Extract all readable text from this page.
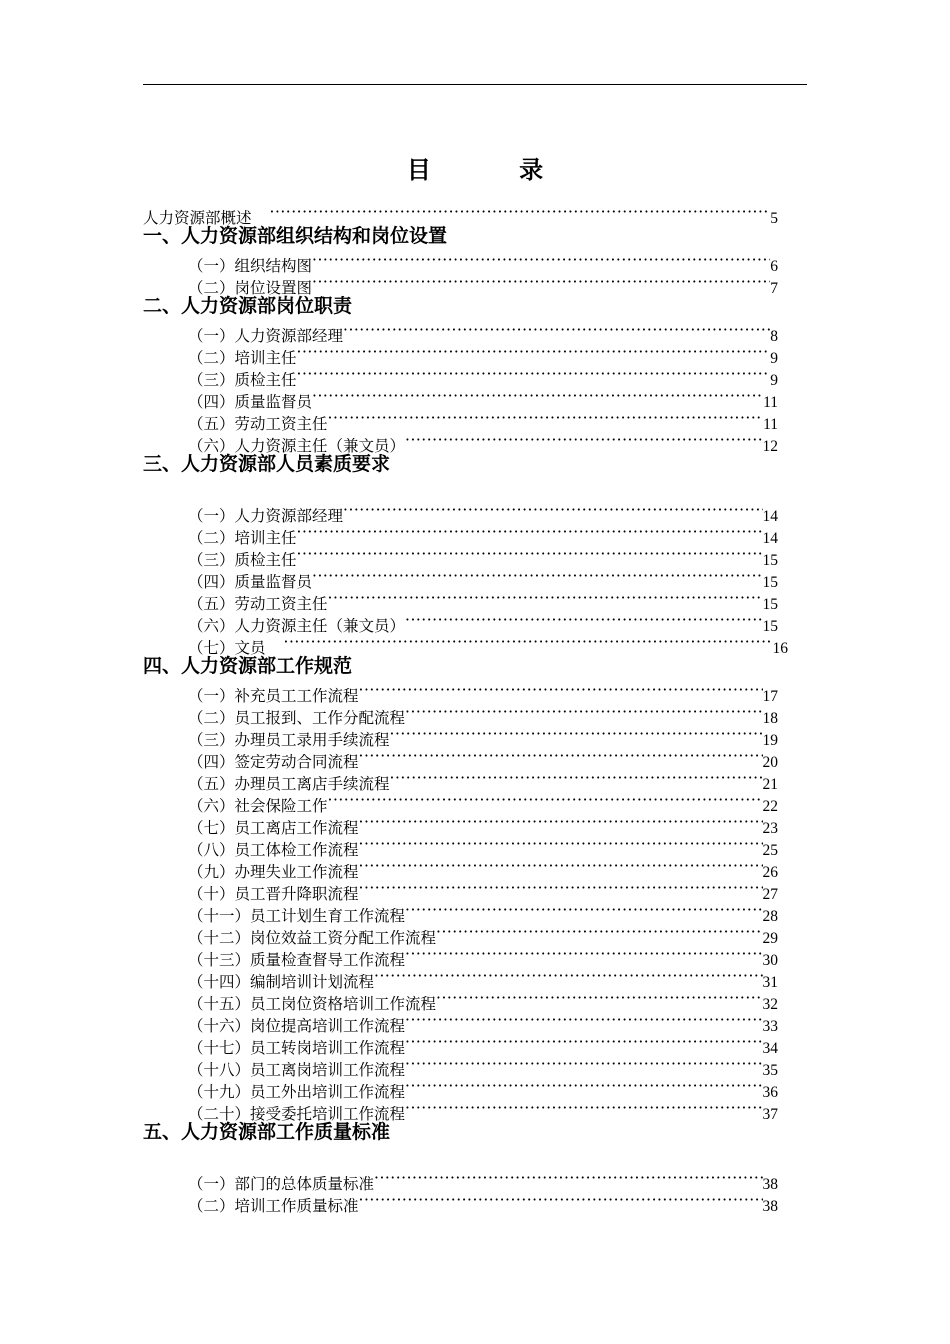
目 录
人力资源部概述 ·····	5
一、人力资源部组织结构和岗位设置
（一）组织结构图 ·····	6
（二）岗位设置图 ·····	7
二、人力资源部岗位职责
（一）人力资源部经理 ·····	8
（二）培训主任 ·····	9
（三）质检主任 ·····	9
（四）质量监督员 ·····	11
（五）劳动工资主任 ·····	11
（六）人力资源主任（兼文员） ·····	12
三、人力资源部人员素质要求
（一）人力资源部经理 ·····	14
（二）培训主任 ·····	14
（三）质检主任 ·····	15
（四）质量监督员 ·····	15
（五）劳动工资主任 ·····	15
（六）人力资源主任（兼文员） ·····	15
（七）文员 ·····	16
四、人力资源部工作规范
（一）补充员工工作流程 ·····	17
（二）员工报到、工作分配流程 ·····	18
（三）办理员工录用手续流程 ·····	19
（四）签定劳动合同流程 ·····	20
（五）办理员工离店手续流程 ·····	21
（六）社会保险工作 ·····	22
（七）员工离店工作流程 ·····	23
（八）员工体检工作流程 ·····	25
（九）办理失业工作流程 ·····	26
（十）员工晋升降职流程 ·····	27
（十一）员工计划生育工作流程 ·····	28
（十二）岗位效益工资分配工作流程 ·····	29
（十三）质量检查督导工作流程 ·····	30
（十四）编制培训计划流程 ·····	31
（十五）员工岗位资格培训工作流程 ·····	32
（十六）岗位提高培训工作流程 ·····	33
（十七）员工转岗培训工作流程 ·····	34
（十八）员工离岗培训工作流程 ·····	35
（十九）员工外出培训工作流程 ·····	36
（二十）接受委托培训工作流程 ·····	37
五、人力资源部工作质量标准
（一）部门的总体质量标准 ·····	38
（二）培训工作质量标准 ·····	38
